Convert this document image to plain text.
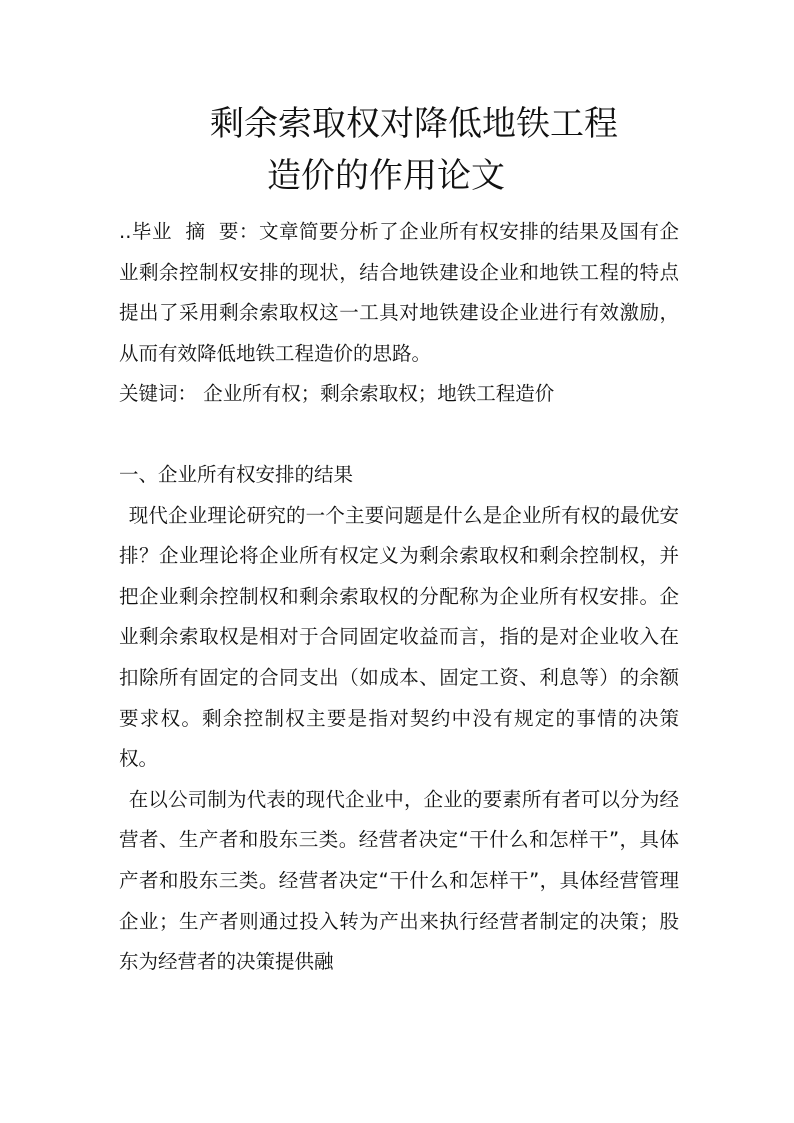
剩余索取权对降低地铁工程
造价的作用论文

..毕业 摘  要：文章简要分析了企业所有权安排的结果及国有企业剩余控制权安排的现状，结合地铁建设企业和地铁工程的特点提出了采用剩余索取权这一工具对地铁建设企业进行有效激励，从而有效降低地铁工程造价的思路。

关键词： 企业所有权；剩余索取权；地铁工程造价

一、企业所有权安排的结果

现代企业理论研究的一个主要问题是什么是企业所有权的最优安排？企业理论将企业所有权定义为剩余索取权和剩余控制权，并把企业剩余控制权和剩余索取权的分配称为企业所有权安排。企业剩余索取权是相对于合同固定收益而言，指的是对企业收入在扣除所有固定的合同支出（如成本、固定工资、利息等）的余额要求权。剩余控制权主要是指对契约中没有规定的事情的决策权。

在以公司制为代表的现代企业中，企业的要素所有者可以分为经营者、生产者和股东三类。经营者决定“干什么和怎样干”，具体产者和股东三类。经营者决定“干什么和怎样干”，具体经营管理企业；生产者则通过投入转为产出来执行经营者制定的决策；股东为经营者的决策提供融
